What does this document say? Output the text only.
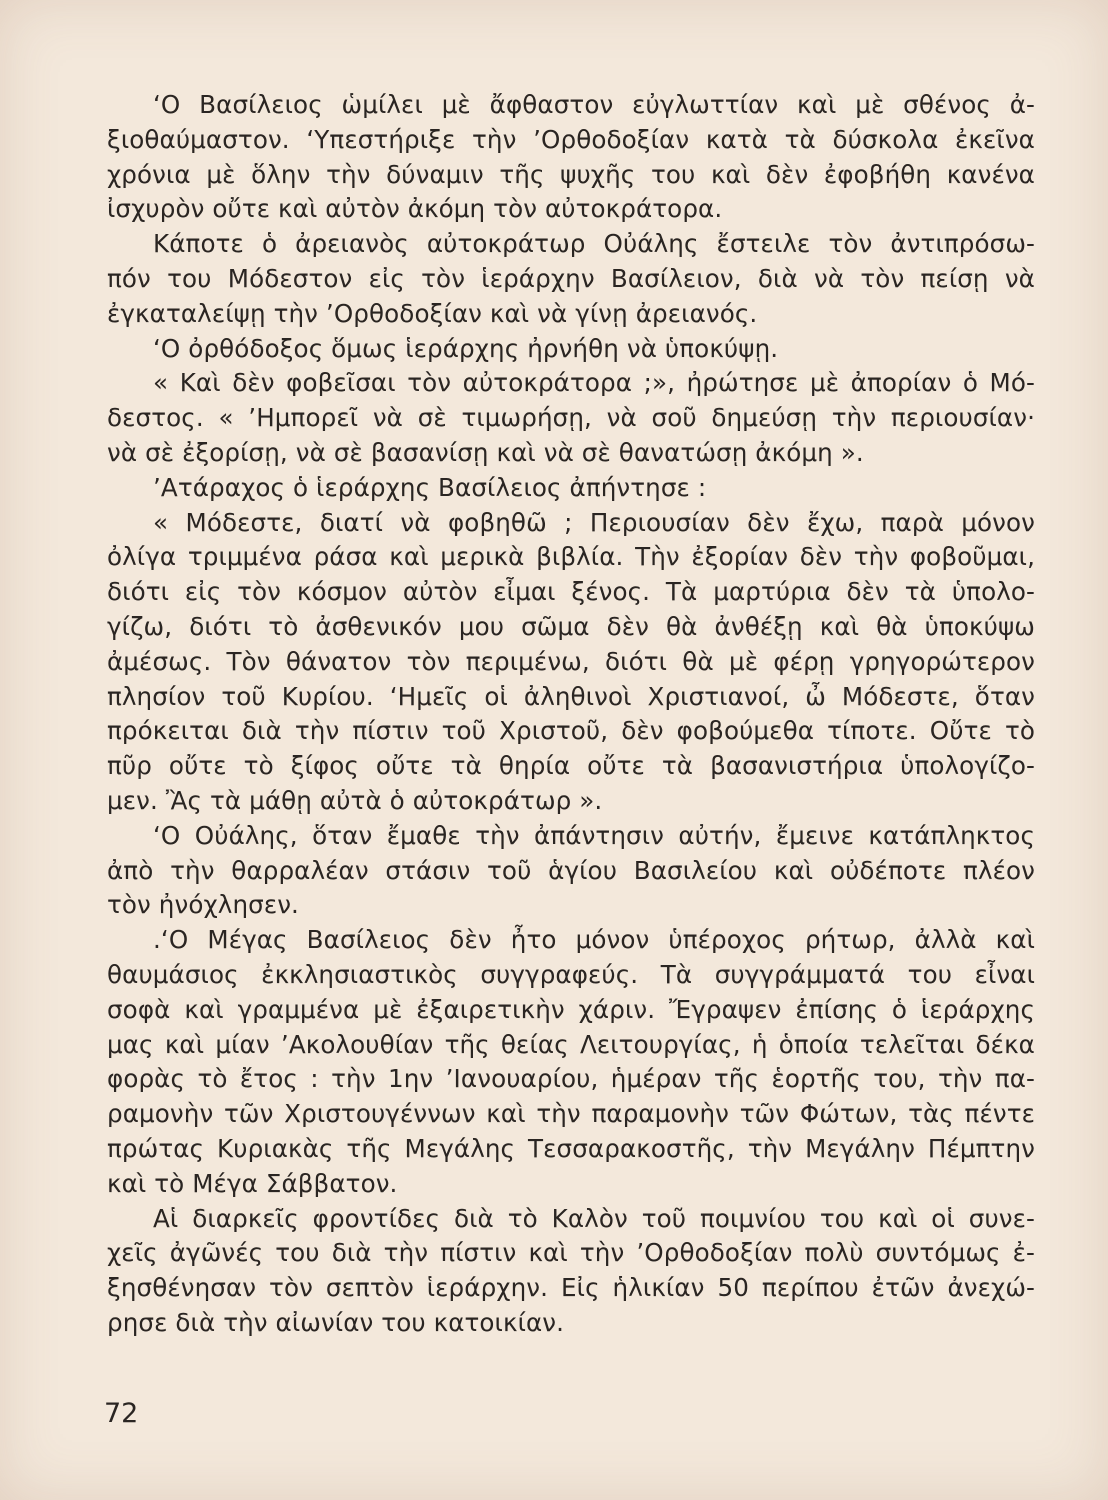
‘Ο Βασίλειος ὡμίλει μὲ ἄφθαστον εὐγλωττίαν καὶ μὲ σθένος ἀ-
ξιοθαύμαστον. ‘Υπεστήριξε τὴν ’Ορθοδοξίαν κατὰ τὰ δύσκολα ἐκεῖνα
χρόνια μὲ ὅλην τὴν δύναμιν τῆς ψυχῆς του καὶ δὲν ἐφοβήθη κανένα
ἰσχυρὸν οὔτε καὶ αὐτὸν ἀκόμη τὸν αὐτοκράτορα.
Κάποτε ὁ ἀρειανὸς αὐτοκράτωρ Οὐάλης ἔστειλε τὸν ἀντιπρόσω-
πόν του Μόδεστον εἰς τὸν ἱεράρχην Βασίλειον, διὰ νὰ τὸν πείσῃ νὰ
ἐγκαταλείψῃ τὴν ’Ορθοδοξίαν καὶ νὰ γίνῃ ἀρειανός.
‘Ο ὀρθόδοξος ὅμως ἱεράρχης ἠρνήθη νὰ ὑποκύψῃ.
« Καὶ δὲν φοβεῖσαι τὸν αὐτοκράτορα ;», ἠρώτησε μὲ ἀπορίαν ὁ Μό-
δεστος. « ’Ημπορεῖ νὰ σὲ τιμωρήσῃ, νὰ σοῦ δημεύσῃ τὴν περιουσίαν·
νὰ σὲ ἐξορίσῃ, νὰ σὲ βασανίσῃ καὶ νὰ σὲ θανατώσῃ ἀκόμη ».
’Ατάραχος ὁ ἱεράρχης Βασίλειος ἀπήντησε :
« Μόδεστε, διατί νὰ φοβηθῶ ; Περιουσίαν δὲν ἔχω, παρὰ μόνον
ὀλίγα τριμμένα ράσα καὶ μερικὰ βιβλία. Τὴν ἐξορίαν δὲν τὴν φοβοῦμαι,
διότι εἰς τὸν κόσμον αὐτὸν εἶμαι ξένος. Τὰ μαρτύρια δὲν τὰ ὑπολο-
γίζω, διότι τὸ ἀσθενικόν μου σῶμα δὲν θὰ ἀνθέξῃ καὶ θὰ ὑποκύψω
ἀμέσως. Τὸν θάνατον τὸν περιμένω, διότι θὰ μὲ φέρῃ γρηγορώτερον
πλησίον τοῦ Κυρίου. ‘Ημεῖς οἱ ἀληθινοὶ Χριστιανοί, ὦ Μόδεστε, ὅταν
πρόκειται διὰ τὴν πίστιν τοῦ Χριστοῦ, δὲν φοβούμεθα τίποτε. Οὔτε τὸ
πῦρ οὔτε τὸ ξίφος οὔτε τὰ θηρία οὔτε τὰ βασανιστήρια ὑπολογίζο-
μεν. Ἂς τὰ μάθῃ αὐτὰ ὁ αὐτοκράτωρ ».
‘Ο Οὐάλης, ὅταν ἔμαθε τὴν ἀπάντησιν αὐτήν, ἔμεινε κατάπληκτος
ἀπὸ τὴν θαρραλέαν στάσιν τοῦ ἁγίου Βασιλείου καὶ οὐδέποτε πλέον
τὸν ἠνόχλησεν.
.‘Ο Μέγας Βασίλειος δὲν ἦτο μόνον ὑπέροχος ρήτωρ, ἀλλὰ καὶ
θαυμάσιος ἐκκλησιαστικὸς συγγραφεύς. Τὰ συγγράμματά του εἶναι
σοφὰ καὶ γραμμένα μὲ ἐξαιρετικὴν χάριν. Ἔγραψεν ἐπίσης ὁ ἱεράρχης
μας καὶ μίαν ’Ακολουθίαν τῆς θείας Λειτουργίας, ἡ ὁποία τελεῖται δέκα
φορὰς τὸ ἔτος : τὴν 1ην ’Ιανουαρίου, ἡμέραν τῆς ἑορτῆς του, τὴν πα-
ραμονὴν τῶν Χριστουγέννων καὶ τὴν παραμονὴν τῶν Φώτων, τὰς πέντε
πρώτας Κυριακὰς τῆς Μεγάλης Τεσσαρακοστῆς, τὴν Μεγάλην Πέμπτην
καὶ τὸ Μέγα Σάββατον.
Αἱ διαρκεῖς φροντίδες διὰ τὸ Καλὸν τοῦ ποιμνίου του καὶ οἱ συνε-
χεῖς ἀγῶνές του διὰ τὴν πίστιν καὶ τὴν ’Ορθοδοξίαν πολὺ συντόμως ἐ-
ξησθένησαν τὸν σεπτὸν ἱεράρχην. Εἰς ἡλικίαν 50 περίπου ἐτῶν ἀνεχώ-
ρησε διὰ τὴν αἰωνίαν του κατοικίαν.
72
